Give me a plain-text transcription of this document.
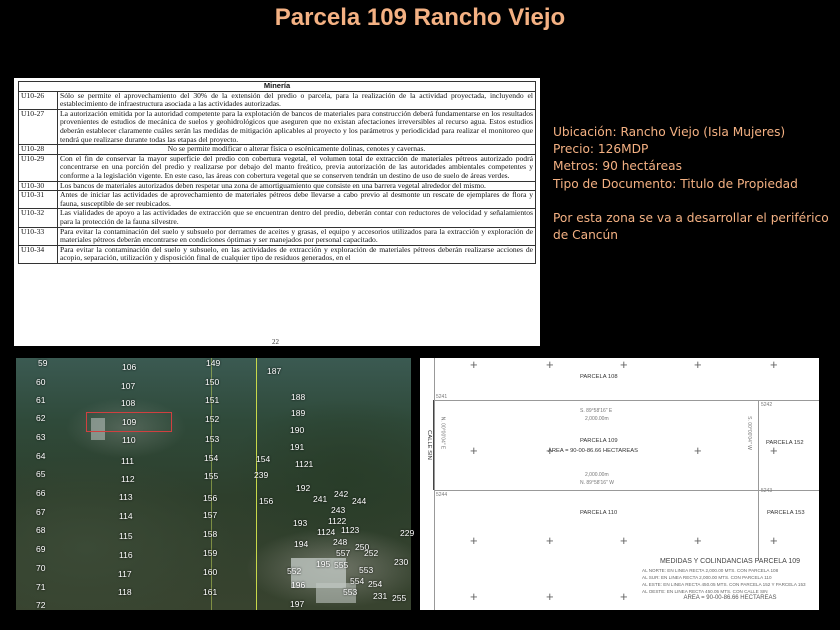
Parcela 109 Rancho Viejo
Minería	
U10-26	Sólo se permite el aprovechamiento del 30% de la extensión del predio o parcela, para la realización de la actividad proyectada, incluyendo el establecimiento de infraestructura asociada a las actividades autorizadas.
U10-27	La autorización emitida por la autoridad competente para la explotación de bancos de materiales para construcción deberá fundamentarse en los resultados provenientes de estudios de mecánica de suelos y geohidrológicos que aseguren que no existan afectaciones irreversibles al recurso agua. Estos estudios deberán establecer claramente cuáles serán las medidas de mitigación aplicables al proyecto y los parámetros y periodicidad para realizar el monitoreo que tendrá que realizarse durante todas las etapas del proyecto.
U10-28	No se permite modificar o alterar física o escénicamente dolinas, cenotes y cavernas.
U10-29	Con el fin de conservar la mayor superficie del predio con cobertura vegetal, el volumen total de extracción de materiales pétreos autorizado podrá concentrarse en una porción del predio y realizarse por debajo del manto freático, previa autorización de las autoridades ambientales competentes y conforme a la legislación vigente. En este caso, las áreas con cobertura vegetal que se conserven tendrán un destino de uso de suelo de áreas verdes.
U10-30	Los bancos de materiales autorizados deben respetar una zona de amortiguamiento que consiste en una barrera vegetal alrededor del mismo.
U10-31	Antes de iniciar las actividades de aprovechamiento de materiales pétreos debe llevarse a cabo previo al desmonte un rescate de ejemplares de flora y fauna, susceptible de ser reubicados.
U10-32	Las vialidades de apoyo a las actividades de extracción que se encuentran dentro del predio, deberán contar con reductores de velocidad y señalamientos para la protección de la fauna silvestre.
U10-33	Para evitar la contaminación del suelo y subsuelo por derrames de aceites y grasas, el equipo y accesorios utilizados para la extracción y exploración de materiales pétreos deberán encontrarse en condiciones óptimas y ser manejados por personal capacitado.
U10-34	Para evitar la contaminación del suelo y subsuelo, en las actividades de extracción y exploración de materiales pétreos deberán realizarse acciones de acopio, separación, utilización y disposición final de cualquier tipo de residuos generados, en el
22
Ubicación: Rancho Viejo (Isla Mujeres)
Precio: 126MDP
Metros: 90 hectáreas
Tipo de Documento: Titulo de Propiedad
Por esta zona se va a desarrollar el periférico de Cancún
59
60
61
62
63
64
65
66
67
68
69
70
71
72
106
107
108
109
110
111
112
113
114
115
116
117
118
149
150
151
152
153
154
155
156
157
158
159
160
161
187
188
189
190
191
1121
239
154
156
192
241 242
244
243
1122
193
1123
1124
194	248 250
557 252
230
229
555 553
254
554
195
553 231 255
196
197
552
PARCELA 108
S. 89°58'16" E
2,000.00m
PARCELA 109
AREA = 90-00-86.66 HECTAREAS
2,000.00m
N. 89°58'16" W
PARCELA 110
PARCELA 152
PARCELA 153
CALLE SIN N. 00°00'04" E	S. 00°00'04" W
5241
5242
5244
5243
+	+	+	+	+
+	+	+	+
+	+	+	+	+
+	+	+
MEDIDAS Y COLINDANCIAS PARCELA 109
AL NORTE: EN LINEA RECTA 2,000.00 MTS. CON PARCELA 108
AL SUR: EN LINEA RECTA 2,000.00 MTS. CON PARCELA 110
AL ESTE: EN LINEA RECTA 450.05 MTS. CON PARCELA 152 Y PARCELA 153
AL OESTE: EN LINEA RECTA 450.05 MTS. CON CALLE SIN
AREA = 90-00-86.66 HECTAREAS
